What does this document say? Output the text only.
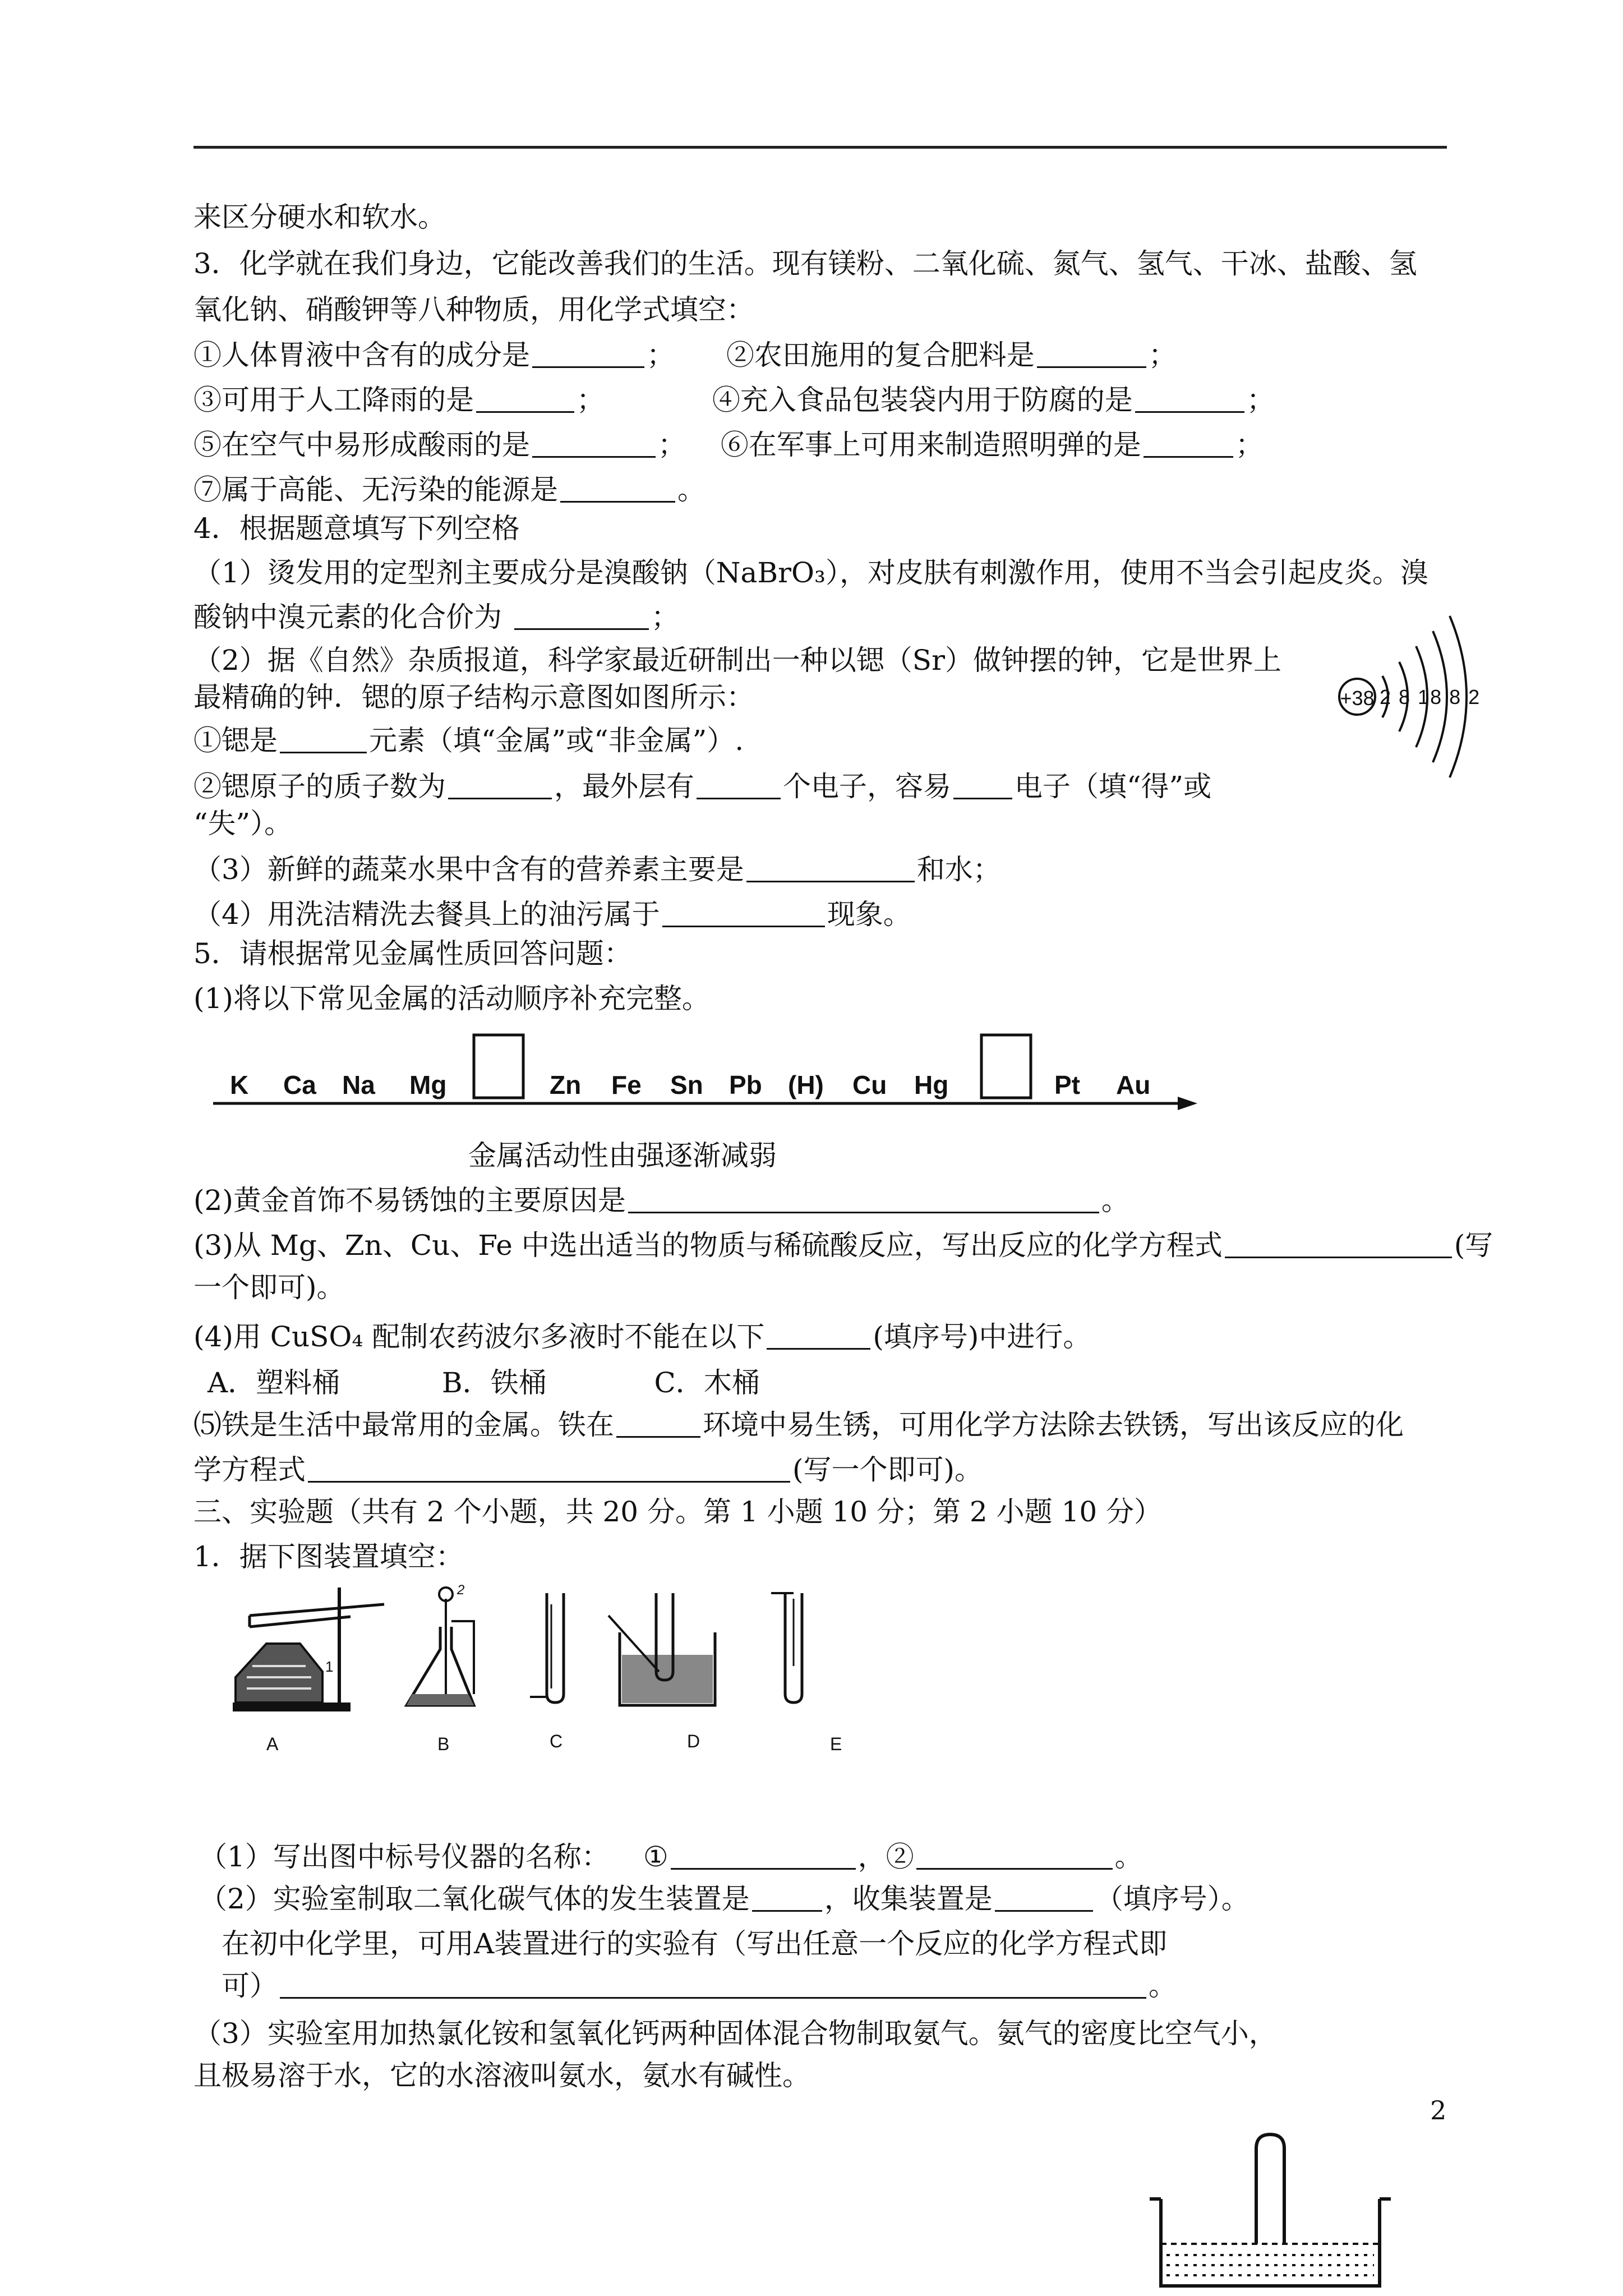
来区分硬水和软水。
3．化学就在我们身边，它能改善我们的生活。现有镁粉、二氧化硫、氮气、氢气、干冰、盐酸、氢
氧化钠、硝酸钾等八种物质，用化学式填空：
①人体胃液中含有的成分是	； ②农田施用的复合肥料是	；
③可用于人工降雨的是	；	④充入食品包装袋内用于防腐的是	；
⑤在空气中易形成酸雨的是	； ⑥在军事上可用来制造照明弹的是	；
⑦属于高能、无污染的能源是	。
4．根据题意填写下列空格
（1）烫发用的定型剂主要成分是溴酸钠（NaBrO₃），对皮肤有刺激作用，使用不当会引起皮炎。溴
酸钠中溴元素的化合价为	；
（2）据《自然》杂质报道，科学家最近研制出一种以锶（Sr）做钟摆的钟，它是世界上
最精确的钟．锶的原子结构示意图如图所示：	+38 2 8 18 8 2
①锶是	元素（填“金属”或“非金属”）.
②锶原子的质子数为	，最外层有	个电子，容易 电子（填“得”或
“失”）。
（3）新鲜的蔬菜水果中含有的营养素主要是	和水；
（4）用洗洁精洗去餐具上的油污属于	现象。
5．请根据常见金属性质回答问题：
(1)将以下常见金属的活动顺序补充完整。
K Ca Na Mg	Zn Fe Sn Pb (H) Cu Hg	Pt Au
金属活动性由强逐渐减弱
(2)黄金首饰不易锈蚀的主要原因是	。
(3)从 Mg、Zn、Cu、Fe 中选出适当的物质与稀硫酸反应，写出反应的化学方程式	(写
一个即可)。
(4)用 CuSO₄ 配制农药波尔多液时不能在以下	(填序号)中进行。
A．塑料桶	B．铁桶	C．木桶
⑸铁是生活中最常用的金属。铁在	环境中易生锈，可用化学方法除去铁锈，写出该反应的化
学方程式	(写一个即可)。
三、实验题（共有 2 个小题，共 20 分。第 1 小题 10 分；第 2 小题 10 分）
1．据下图装置填空：
1
2
A	B	C	D	E
（1）写出图中标号仪器的名称： ①	，②	。
（2）实验室制取二氧化碳气体的发生装置是	，收集装置是	（填序号）。
在初中化学里，可用A装置进行的实验有（写出任意一个反应的化学方程式即
可）	。
（3）实验室用加热氯化铵和氢氧化钙两种固体混合物制取氨气。氨气的密度比空气小，
且极易溶于水，它的水溶液叫氨水，氨水有碱性。
2
